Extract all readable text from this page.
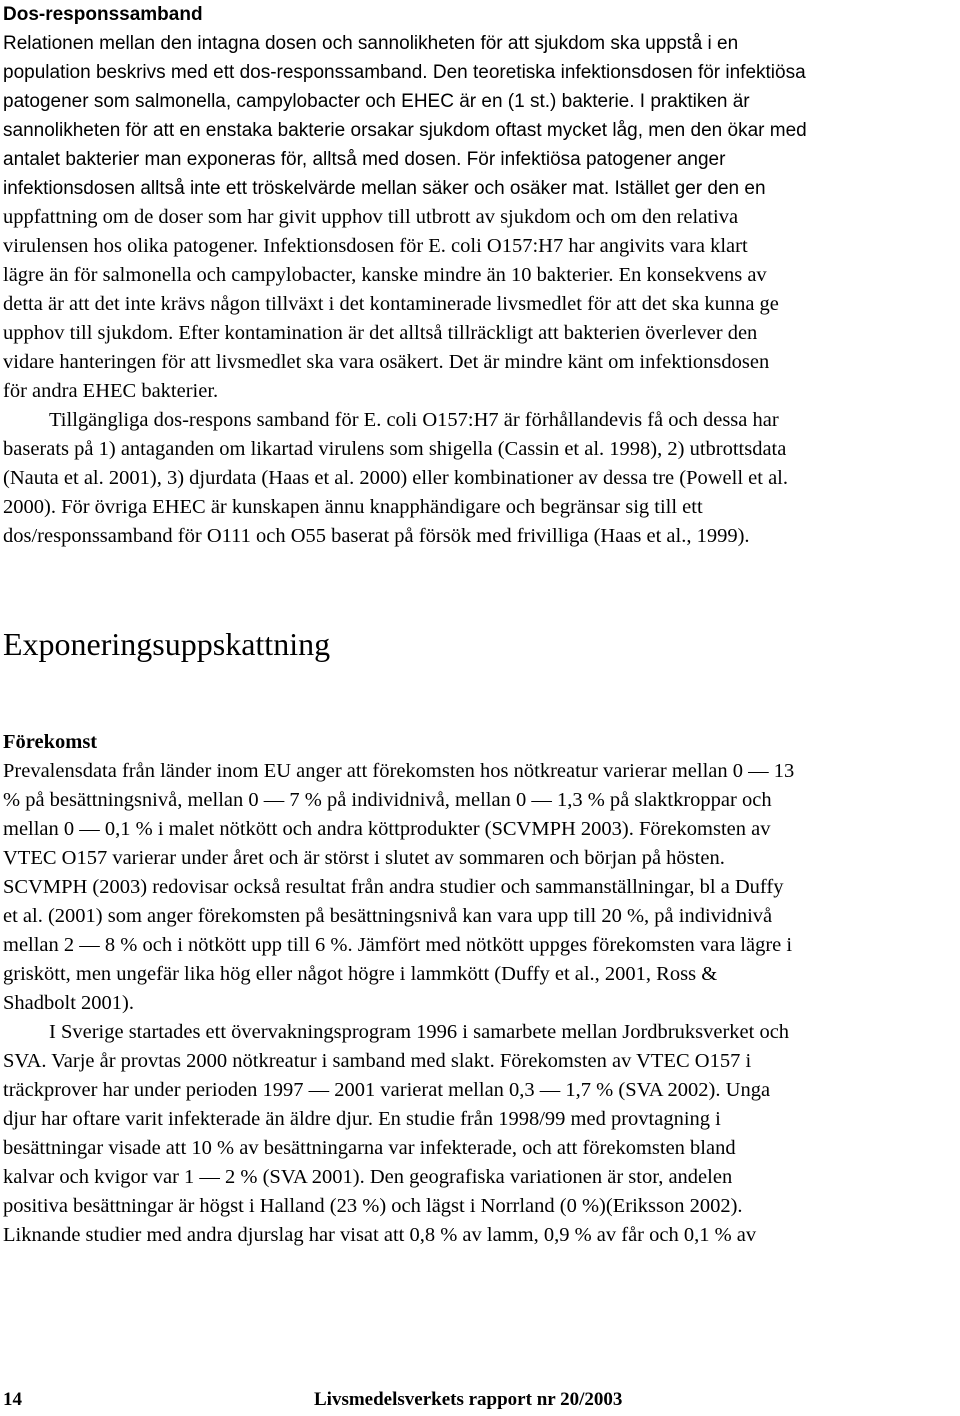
Dos-responssamband
Relationen mellan den intagna dosen och sannolikheten för att sjukdom ska uppstå i en
population beskrivs med ett dos-responssamband. Den teoretiska infektionsdosen för infektiösa
patogener som salmonella, campylobacter och EHEC är en (1 st.) bakterie. I praktiken är
sannolikheten för att en enstaka bakterie orsakar sjukdom oftast mycket låg, men den ökar med
antalet bakterier man exponeras för, alltså med dosen. För infektiösa patogener anger
infektionsdosen alltså inte ett tröskelvärde mellan säker och osäker mat. Istället ger den en
uppfattning om de doser som har givit upphov till utbrott av sjukdom och om den relativa
virulensen hos olika patogener. Infektionsdosen för E. coli O157:H7 har angivits vara klart
lägre än för salmonella och campylobacter, kanske mindre än 10 bakterier. En konsekvens av
detta är att det inte krävs någon tillväxt i det kontaminerade livsmedlet för att det ska kunna ge
upphov till sjukdom. Efter kontamination är det alltså tillräckligt att bakterien överlever den
vidare hanteringen för att livsmedlet ska vara osäkert. Det är mindre känt om infektionsdosen
för andra EHEC bakterier.
Tillgängliga dos-respons samband för E. coli O157:H7 är förhållandevis få och dessa har
baserats på 1) antaganden om likartad virulens som shigella (Cassin et al. 1998), 2) utbrottsdata
(Nauta et al. 2001), 3) djurdata (Haas et al. 2000) eller kombinationer av dessa tre (Powell et al.
2000). För övriga EHEC är kunskapen ännu knapphändigare och begränsar sig till ett
dos/responssamband för O111 och O55 baserat på försök med frivilliga (Haas et al., 1999).
Exponeringsuppskattning
Förekomst
Prevalensdata från länder inom EU anger att förekomsten hos nötkreatur varierar mellan 0 — 13
% på besättningsnivå, mellan 0 — 7 % på individnivå, mellan 0 — 1,3 % på slaktkroppar och
mellan 0 — 0,1 % i malet nötkött och andra köttprodukter (SCVMPH 2003). Förekomsten av
VTEC O157 varierar under året och är störst i slutet av sommaren och början på hösten.
SCVMPH (2003) redovisar också resultat från andra studier och sammanställningar, bl a Duffy
et al. (2001) som anger förekomsten på besättningsnivå kan vara upp till 20 %, på individnivå
mellan 2 — 8 % och i nötkött upp till 6 %. Jämfört med nötkött uppges förekomsten vara lägre i
griskött, men ungefär lika hög eller något högre i lammkött (Duffy et al., 2001, Ross &
Shadbolt 2001).
I Sverige startades ett övervakningsprogram 1996 i samarbete mellan Jordbruksverket och
SVA. Varje år provtas 2000 nötkreatur i samband med slakt. Förekomsten av VTEC O157 i
träckprover har under perioden 1997 — 2001 varierat mellan 0,3 — 1,7 % (SVA 2002). Unga
djur har oftare varit infekterade än äldre djur. En studie från 1998/99 med provtagning i
besättningar visade att 10 % av besättningarna var infekterade, och att förekomsten bland
kalvar och kvigor var 1 — 2 % (SVA 2001). Den geografiska variationen är stor, andelen
positiva besättningar är högst i Halland (23 %) och lägst i Norrland (0 %)(Eriksson 2002).
Liknande studier med andra djurslag har visat att 0,8 % av lamm, 0,9 % av får och 0,1 % av
14	Livsmedelsverkets rapport nr 20/2003
